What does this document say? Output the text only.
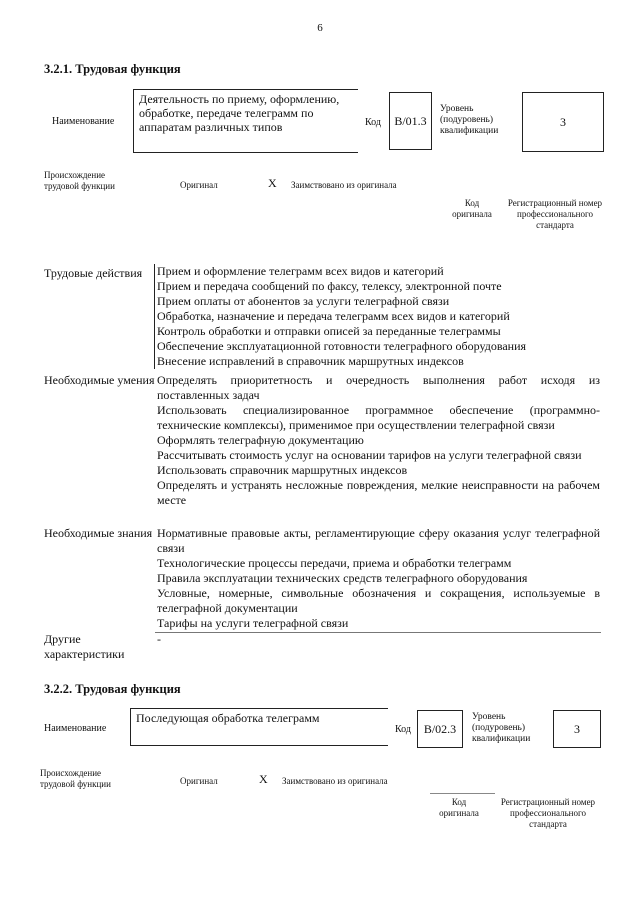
6
3.2.1. Трудовая функция
Наименование
Деятельность по приему, оформлению, обработке, передаче телеграмм по аппаратам различных типов	Код	B/01.3
Уровень (подуровень) квалификации
3
Происхождение трудовой функции	Оригинал	X Заимствовано из оригинала
Код оригинала
Регистрационный номер профессионального стандарта
Трудовые действия Прием и оформление телеграмм всех видов и категорий
Прием и передача сообщений по факсу, телексу, электронной почте
Прием оплаты от абонентов за услуги телеграфной связи
Обработка, назначение и передача телеграмм всех видов и категорий
Контроль обработки и отправки описей за переданные телеграммы
Обеспечение эксплуатационной готовности телеграфного оборудования
Внесение исправлений в справочник маршрутных индексов
Необходимые умения Определять приоритетность и очередность выполнения работ исходя из поставленных задач
Использовать специализированное программное обеспечение (программно-технические комплексы), применимое при осуществлении телеграфной связи
Оформлять телеграфную документацию
Рассчитывать стоимость услуг на основании тарифов на услуги телеграфной связи
Использовать справочник маршрутных индексов
Определять и устранять несложные повреждения, мелкие неисправности на рабочем месте
Необходимые знания Нормативные правовые акты, регламентирующие сферу оказания услуг телеграфной связи
Технологические процессы передачи, приема и обработки телеграмм
Правила эксплуатации технических средств телеграфного оборудования
Условные, номерные, символьные обозначения и сокращения, используемые в телеграфной документации
Тарифы на услуги телеграфной связи
Другие характеристики
-
3.2.2. Трудовая функция
Наименование
Последующая обработка телеграмм
Код	B/02.3
Уровень (подуровень) квалификации
3
Происхождение трудовой функции	Оригинал	X Заимствовано из оригинала
Код оригинала
Регистрационный номер профессионального стандарта
